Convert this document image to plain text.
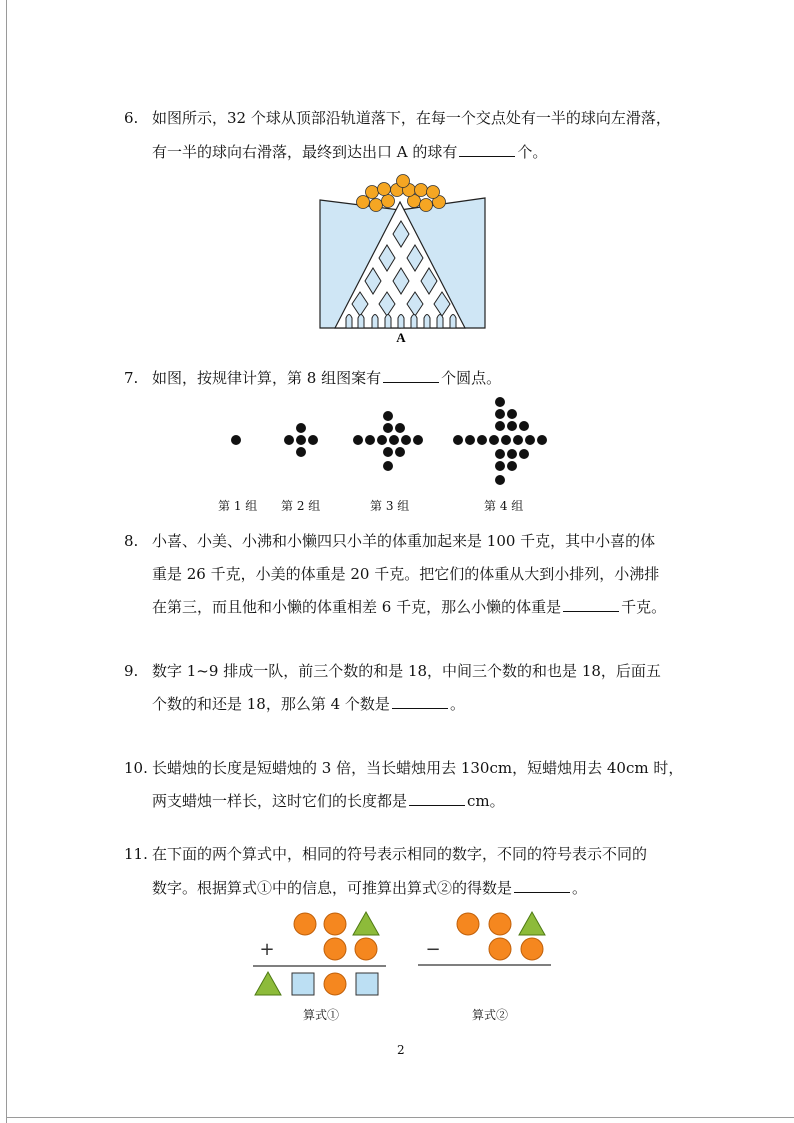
6. 如图所示，32 个球从顶部沿轨道落下，在每一个交点处有一半的球向左滑落，
有一半的球向右滑落，最终到达出口 A 的球有	个。
A
7. 如图，按规律计算，第 8 组图案有	个圆点。
第 1 组 第 2 组	第 3 组	第 4 组
8. 小喜、小美、小沸和小懒四只小羊的体重加起来是 100 千克，其中小喜的体
重是 26 千克，小美的体重是 20 千克。把它们的体重从大到小排列，小沸排
在第三，而且他和小懒的体重相差 6 千克，那么小懒的体重是	千克。
9. 数字 1~9 排成一队，前三个数的和是 18，中间三个数的和也是 18，后面五
个数的和还是 18，那么第 4 个数是	。
10. 长蜡烛的长度是短蜡烛的 3 倍，当长蜡烛用去 130cm，短蜡烛用去 40cm 时，
两支蜡烛一样长，这时它们的长度都是	cm。
11. 在下面的两个算式中，相同的符号表示相同的数字，不同的符号表示不同的
数字。根据算式①中的信息，可推算出算式②的得数是	。
+	−
算式①	算式②
2
